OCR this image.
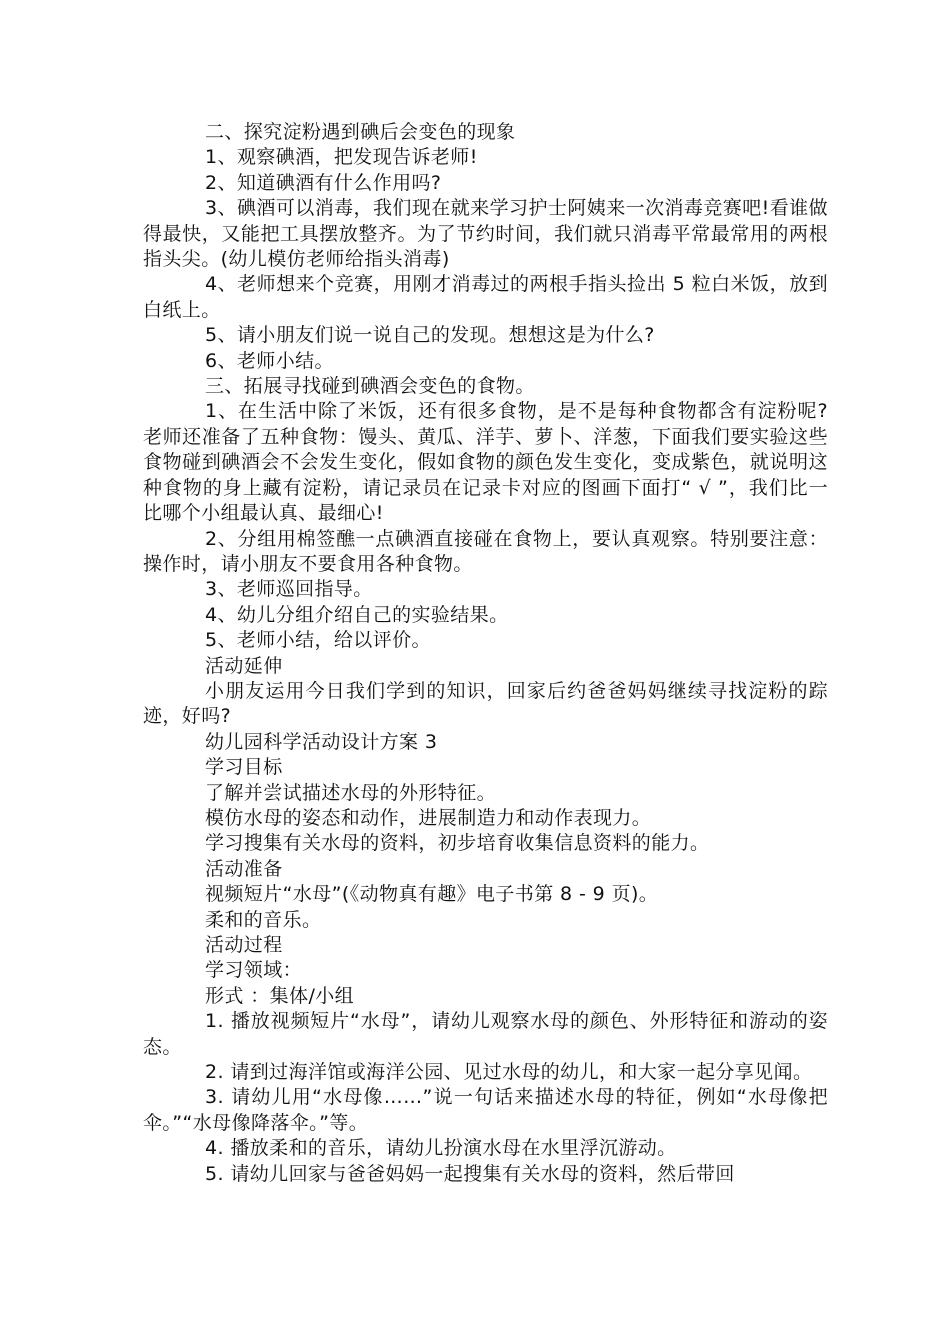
二、探究淀粉遇到碘后会变色的现象

1、观察碘酒，把发现告诉老师!

2、知道碘酒有什么作用吗?

3、碘酒可以消毒，我们现在就来学习护士阿姨来一次消毒竞赛吧!看谁做得最快，又能把工具摆放整齐。为了节约时间，我们就只消毒平常最常用的两根指头尖。(幼儿模仿老师给指头消毒)

4、老师想来个竞赛，用刚才消毒过的两根手指头捡出 5 粒白米饭，放到白纸上。

5、请小朋友们说一说自己的发现。想想这是为什么?

6、老师小结。

三、拓展寻找碰到碘酒会变色的食物。

1、在生活中除了米饭，还有很多食物，是不是每种食物都含有淀粉呢?老师还准备了五种食物：馒头、黄瓜、洋芋、萝卜、洋葱，下面我们要实验这些食物碰到碘酒会不会发生变化，假如食物的颜色发生变化，变成紫色，就说明这种食物的身上藏有淀粉，请记录员在记录卡对应的图画下面打“ √ ”，我们比一比哪个小组最认真、最细心!

2、分组用棉签醮一点碘酒直接碰在食物上，要认真观察。特别要注意：操作时，请小朋友不要食用各种食物。

3、老师巡回指导。

4、幼儿分组介绍自己的实验结果。

5、老师小结，给以评价。

活动延伸

小朋友运用今日我们学到的知识，回家后约爸爸妈妈继续寻找淀粉的踪迹，好吗?

幼儿园科学活动设计方案 3

学习目标

了解并尝试描述水母的外形特征。

模仿水母的姿态和动作，进展制造力和动作表现力。

学习搜集有关水母的资料，初步培育收集信息资料的能力。

活动准备

视频短片“水母”(《动物真有趣》电子书第 8 - 9 页)。

柔和的音乐。

活动过程

学习领域：

形式 ：集体/小组

1. 播放视频短片“水母”，请幼儿观察水母的颜色、外形特征和游动的姿态。

2. 请到过海洋馆或海洋公园、见过水母的幼儿，和大家一起分享见闻。

3. 请幼儿用“水母像……”说一句话来描述水母的特征，例如“水母像把伞。”“水母像降落伞。”等。

4. 播放柔和的音乐，请幼儿扮演水母在水里浮沉游动。

5. 请幼儿回家与爸爸妈妈一起搜集有关水母的资料，然后带回
